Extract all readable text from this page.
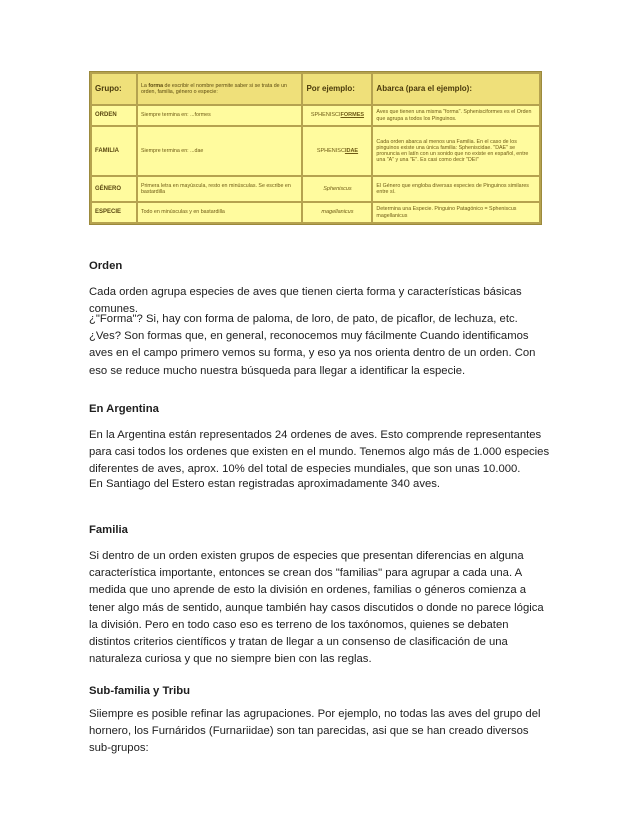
Grupo:	La forma de escribir el nombre permite saber si se trata de un orden, familia, género o especie:	Por ejemplo:	Abarca (para el ejemplo):
ORDEN	Siempre termina en: ...formes	SPHENISCIFORMES	Aves que tienen una misma "forma". Sphenisciformes es el Orden que agrupa a todos los Pinguinos.
FAMILIA	Siempre termina en: ...dae	SPHENISCIDAE	Cada orden abarca al menos una Familia. En el caso de los pinguinos existe una única familia: Spheniscidae. "DAE" se pronuncia en latín con un sonido que no existe en español, entre una "A" y una "E". Es casi como decir "DEI"
GÉNERO	Primera letra en mayúscula, resto en minúsculas. Se escribe en bastardilla	Spheniscus	El Género que engloba diversas especies de Pinguinos similares entre sí.
ESPECIE	Todo en minúsculas y en bastardilla	magellanicus	Determina una Especie. Pinguino Patagónico = Spheniscus magellanicus
Orden
Cada orden agrupa especies de aves que tienen cierta forma y características básicas comunes.
¿"Forma"? Si, hay con forma de paloma, de loro, de pato, de picaflor, de lechuza, etc. ¿Ves? Son formas que, en general, reconocemos muy fácilmente Cuando identificamos aves en el campo primero vemos su forma, y eso ya nos orienta dentro de un orden. Con eso se reduce mucho nuestra búsqueda para llegar a identificar la especie.
En Argentina
En la Argentina están representados 24 ordenes de aves. Esto comprende representantes para casi todos los ordenes que existen en el mundo. Tenemos algo más de 1.000 especies diferentes de aves, aprox. 10% del total de especies mundiales, que son unas 10.000.
En Santiago del Estero estan registradas aproximadamente 340 aves.
Familia
Si dentro de un orden existen grupos de especies que presentan diferencias en alguna característica importante, entonces se crean dos "familias" para agrupar a cada una. A medida que uno aprende de esto la división en ordenes, familias o géneros comienza a tener algo más de sentido, aunque también hay casos discutidos o donde no parece lógica la división. Pero en todo caso eso es terreno de los taxónomos, quienes se debaten distintos criterios científicos y tratan de llegar a un consenso de clasificación de una naturaleza curiosa y que no siempre bien con las reglas.
Sub-familia y Tribu
Siiempre es posible refinar las agrupaciones. Por ejemplo, no todas las aves del grupo del hornero, los Furnáridos (Furnariidae) son tan parecidas, asi que se han creado diversos sub-grupos:
